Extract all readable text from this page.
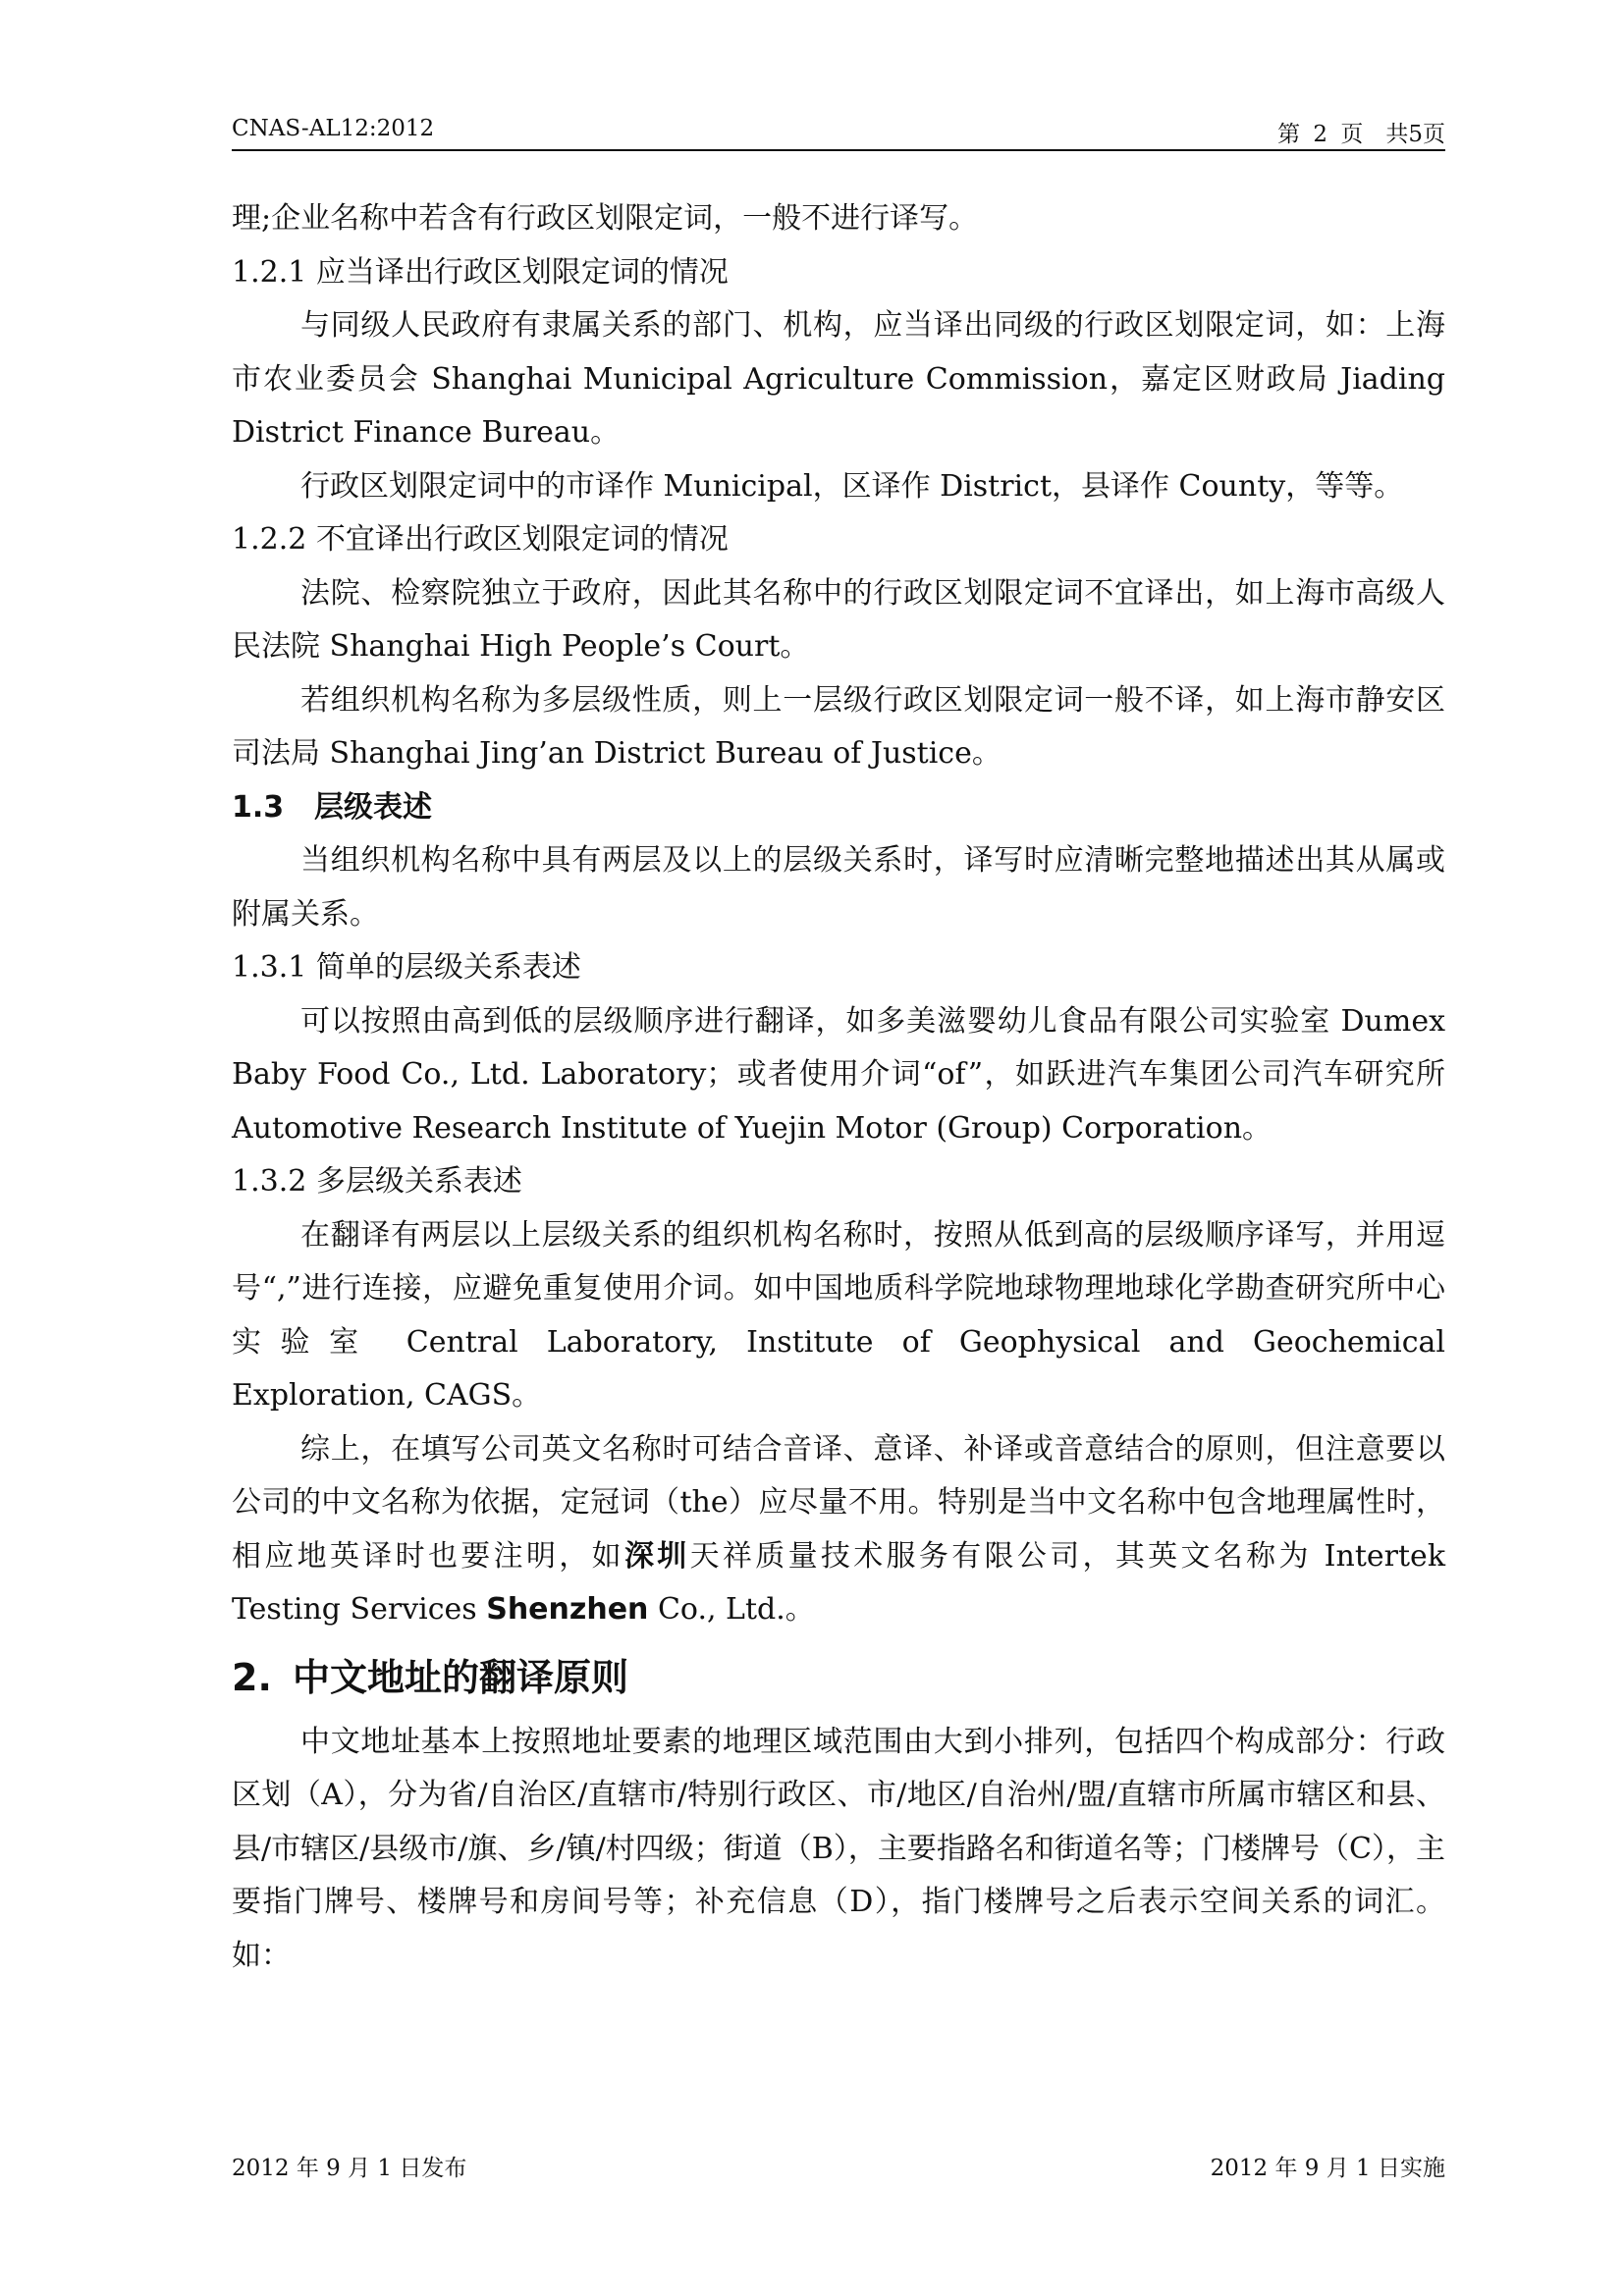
CNAS-AL12:2012	第 2 页　共5页

理;企业名称中若含有行政区划限定词，一般不进行译写。

1.2.1 应当译出行政区划限定词的情况

与同级人民政府有隶属关系的部门、机构，应当译出同级的行政区划限定词，如：上海市农业委员会 Shanghai Municipal Agriculture Commission，嘉定区财政局 Jiading District Finance Bureau。

行政区划限定词中的市译作 Municipal，区译作 District，县译作 County，等等。

1.2.2 不宜译出行政区划限定词的情况

法院、检察院独立于政府，因此其名称中的行政区划限定词不宜译出，如上海市高级人民法院 Shanghai High People’s Court。

若组织机构名称为多层级性质，则上一层级行政区划限定词一般不译，如上海市静安区司法局 Shanghai Jing’an District Bureau of Justice。

1.3 层级表述

当组织机构名称中具有两层及以上的层级关系时，译写时应清晰完整地描述出其从属或附属关系。

1.3.1 简单的层级关系表述

可以按照由高到低的层级顺序进行翻译，如多美滋婴幼儿食品有限公司实验室 Dumex Baby Food Co., Ltd. Laboratory；或者使用介词“of”，如跃进汽车集团公司汽车研究所 Automotive Research Institute of Yuejin Motor (Group) Corporation。

1.3.2 多层级关系表述

在翻译有两层以上层级关系的组织机构名称时，按照从低到高的层级顺序译写，并用逗号“,”进行连接，应避免重复使用介词。如中国地质科学院地球物理地球化学勘查研究所中心实验室 Central Laboratory, Institute of Geophysical and Geochemical Exploration, CAGS。

综上，在填写公司英文名称时可结合音译、意译、补译或音意结合的原则，但注意要以公司的中文名称为依据，定冠词（the）应尽量不用。特别是当中文名称中包含地理属性时，相应地英译时也要注明，如深圳天祥质量技术服务有限公司，其英文名称为 Intertek Testing Services Shenzhen Co., Ltd.。

2. 中文地址的翻译原则

中文地址基本上按照地址要素的地理区域范围由大到小排列，包括四个构成部分：行政区划（A），分为省/自治区/直辖市/特别行政区、市/地区/自治州/盟/直辖市所属市辖区和县、县/市辖区/县级市/旗、乡/镇/村四级；街道（B），主要指路名和街道名等；门楼牌号（C），主要指门牌号、楼牌号和房间号等；补充信息（D），指门楼牌号之后表示空间关系的词汇。如：

2012 年 9 月 1 日发布	2012 年 9 月 1 日实施
